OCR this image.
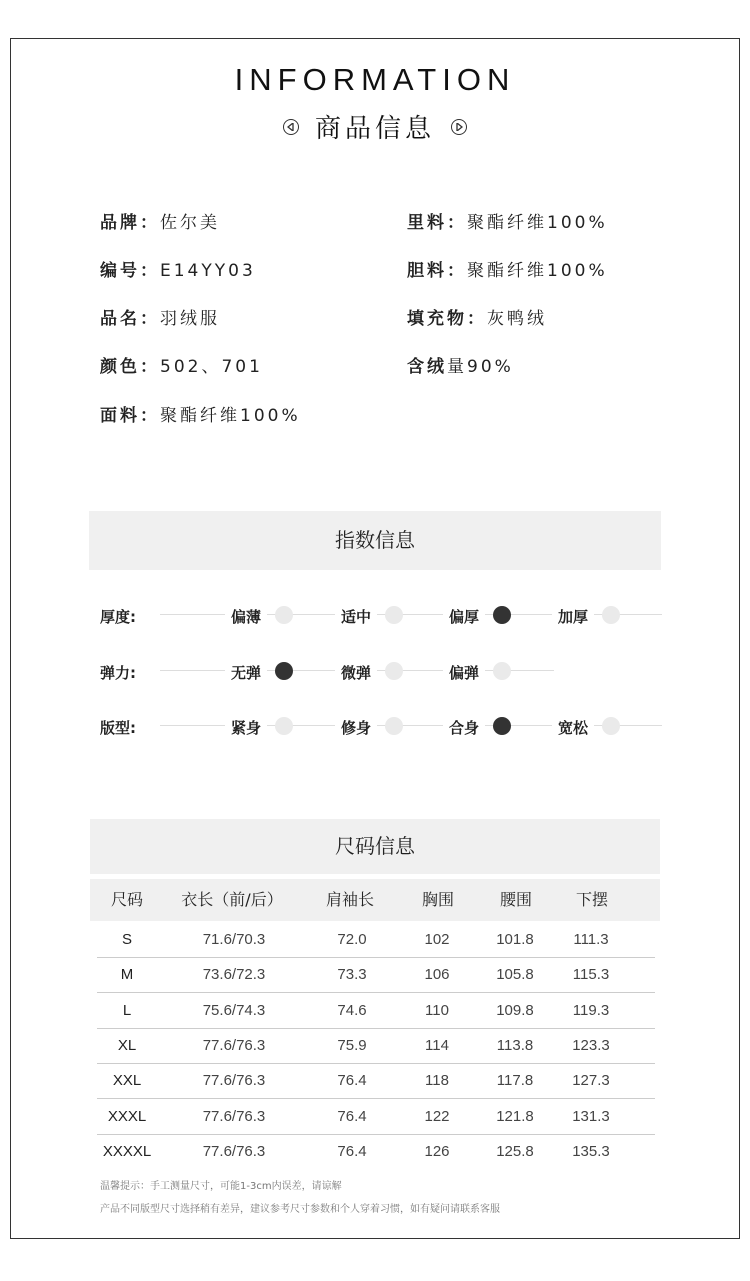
INFORMATION
商品信息
品牌：佐尔美
编号：E14YY03
品名：羽绒服
颜色：502、701
面料：聚酯纤维100%
里料：聚酯纤维100%
胆料：聚酯纤维100%
填充物：灰鸭绒
含绒量90%
指数信息
厚度:	偏薄	适中	偏厚	加厚
弹力:	无弹	微弹	偏弹
版型:	紧身	修身	合身	宽松
尺码信息
尺码	衣长（前/后）	肩袖长	胸围	腰围	下摆
S	71.6/70.3	72.0	102	101.8	111.3
M	73.6/72.3	73.3	106	105.8	115.3
L	75.6/74.3	74.6	110	109.8	119.3
XL	77.6/76.3	75.9	114	113.8	123.3
XXL	77.6/76.3	76.4	118	117.8	127.3
XXXL	77.6/76.3	76.4	122	121.8	131.3
XXXXL	77.6/76.3	76.4	126	125.8	135.3
温馨提示：手工测量尺寸，可能1-3cm内误差，请谅解
产品不同版型尺寸选择稍有差异，建议参考尺寸参数和个人穿着习惯，如有疑问请联系客服
